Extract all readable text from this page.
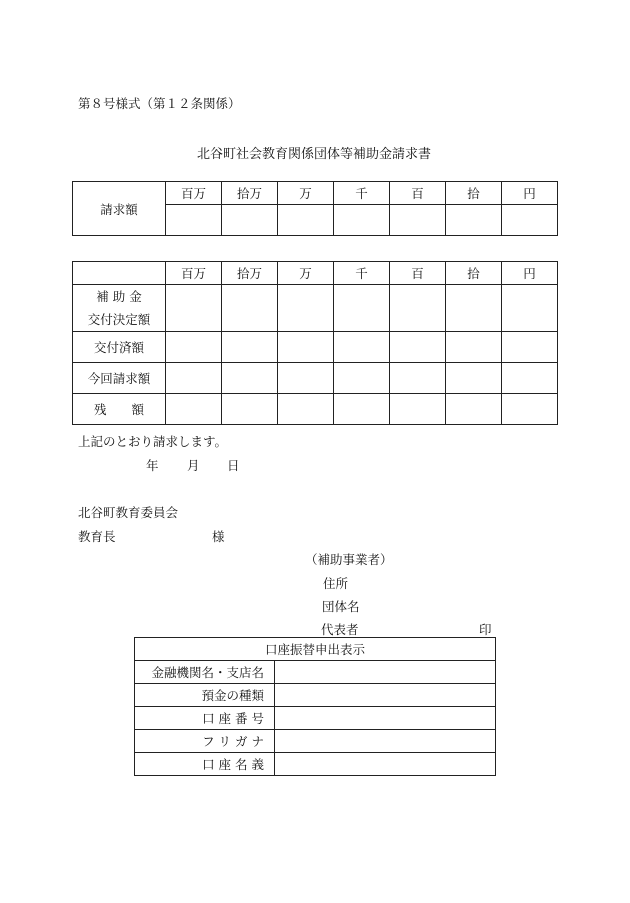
第８号様式（第１２条関係）
北谷町社会教育関係団体等補助金請求書
請求額	百万	拾万	万	千	百	拾	円

	百万	拾万	万	千	百	拾	円

補 助 金
交付決定額							

交付済額							
今回請求額							
残　　額							
上記のとおり請求します。
年 月 日
北谷町教育委員会
教育長	様
（補助事業者）
住所
団体名
代表者	印
口座振替申出表示	
金融機関名・支店名	
預金の種類	
口 座 番 号	
フ リ ガ ナ	
口 座 名 義	
